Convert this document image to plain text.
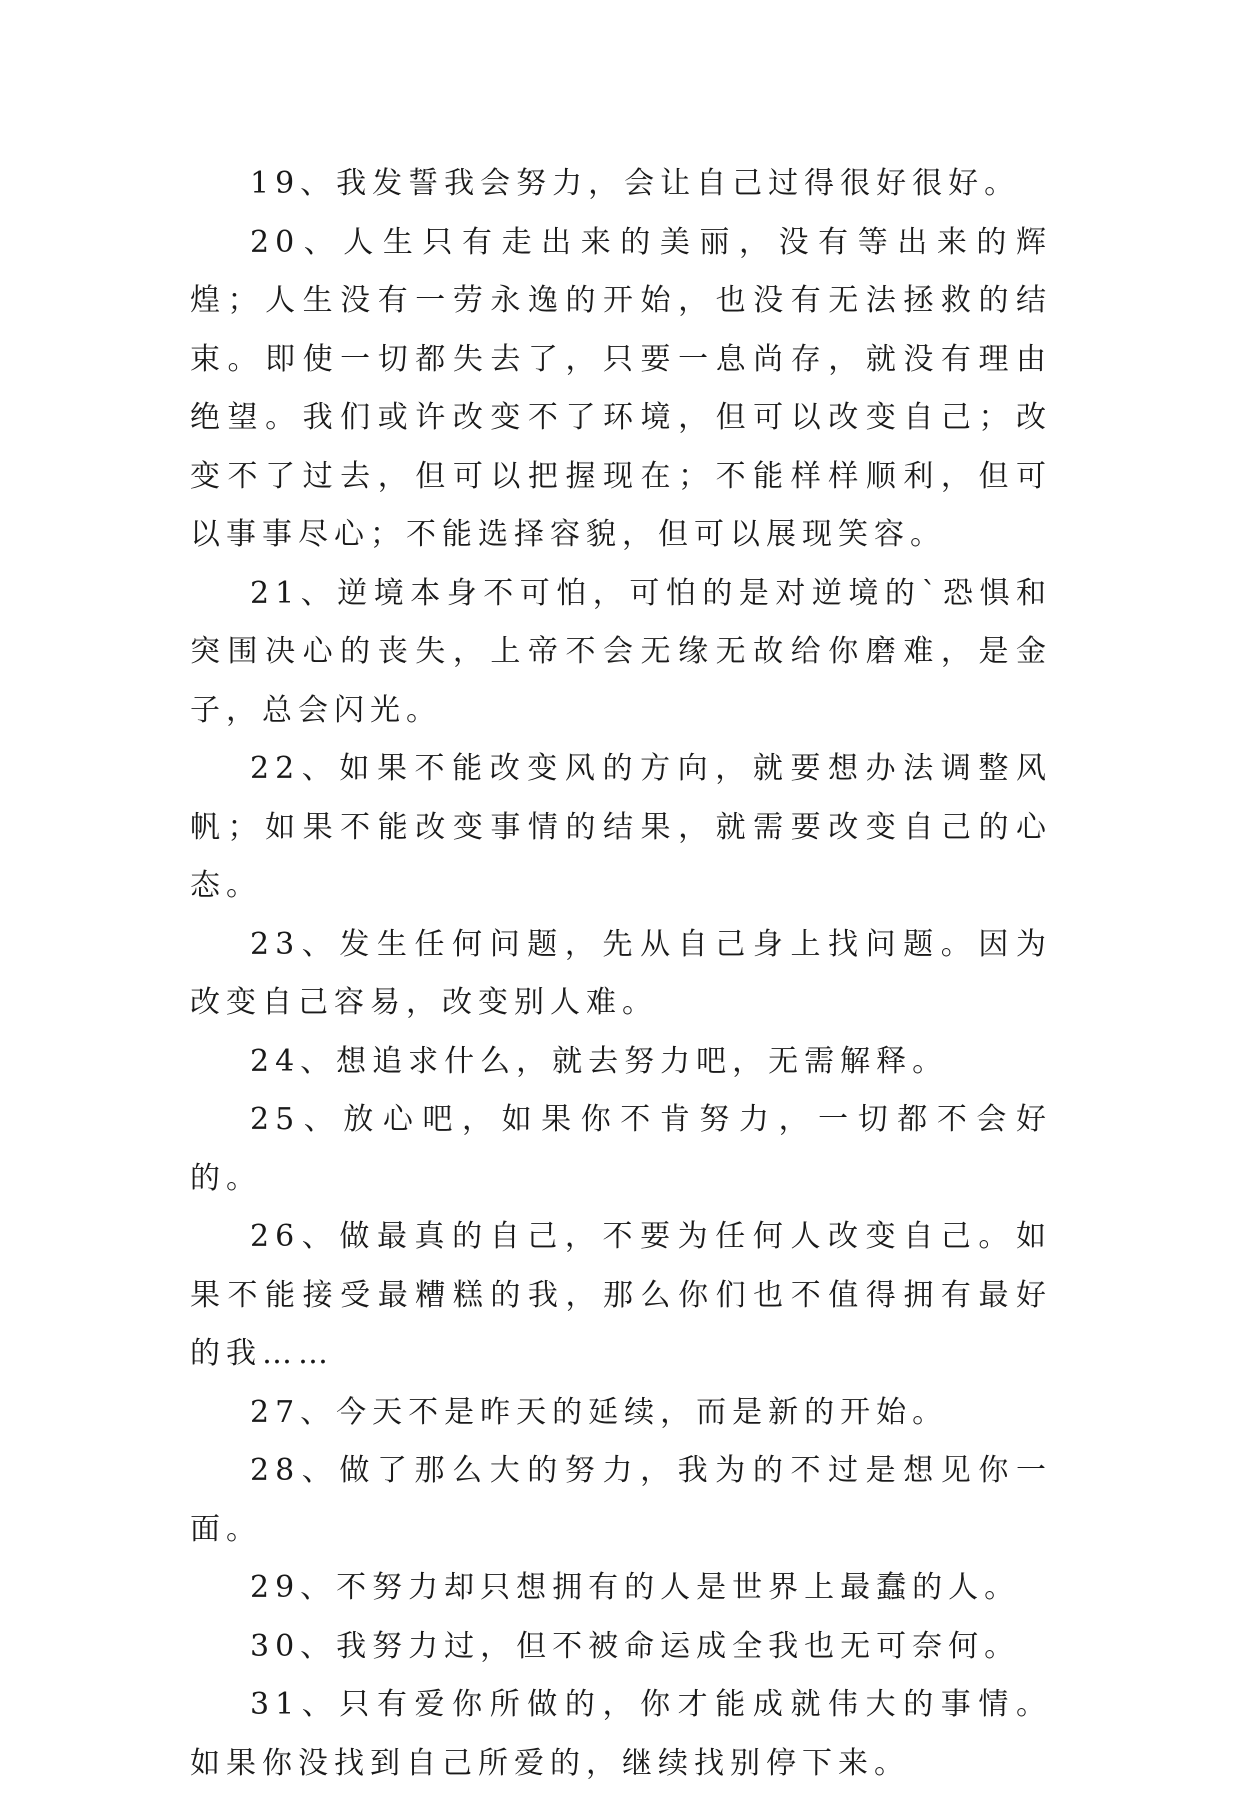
19、我发誓我会努力，会让自己过得很好很好。

20、人生只有走出来的美丽，没有等出来的辉煌；人生没有一劳永逸的开始，也没有无法拯救的结束。即使一切都失去了，只要一息尚存，就没有理由绝望。我们或许改变不了环境，但可以改变自己；改变不了过去，但可以把握现在；不能样样顺利，但可以事事尽心；不能选择容貌，但可以展现笑容。

21、逆境本身不可怕，可怕的是对逆境的`恐惧和突围决心的丧失，上帝不会无缘无故给你磨难，是金子，总会闪光。

22、如果不能改变风的方向，就要想办法调整风帆；如果不能改变事情的结果，就需要改变自己的心态。

23、发生任何问题，先从自己身上找问题。因为改变自己容易，改变别人难。

24、想追求什么，就去努力吧，无需解释。

25、放心吧，如果你不肯努力，一切都不会好的。

26、做最真的自己，不要为任何人改变自己。如果不能接受最糟糕的我，那么你们也不值得拥有最好的我……

27、今天不是昨天的延续，而是新的开始。

28、做了那么大的努力，我为的不过是想见你一面。

29、不努力却只想拥有的人是世界上最蠢的人。

30、我努力过，但不被命运成全我也无可奈何。

31、只有爱你所做的，你才能成就伟大的事情。如果你没找到自己所爱的，继续找别停下来。
